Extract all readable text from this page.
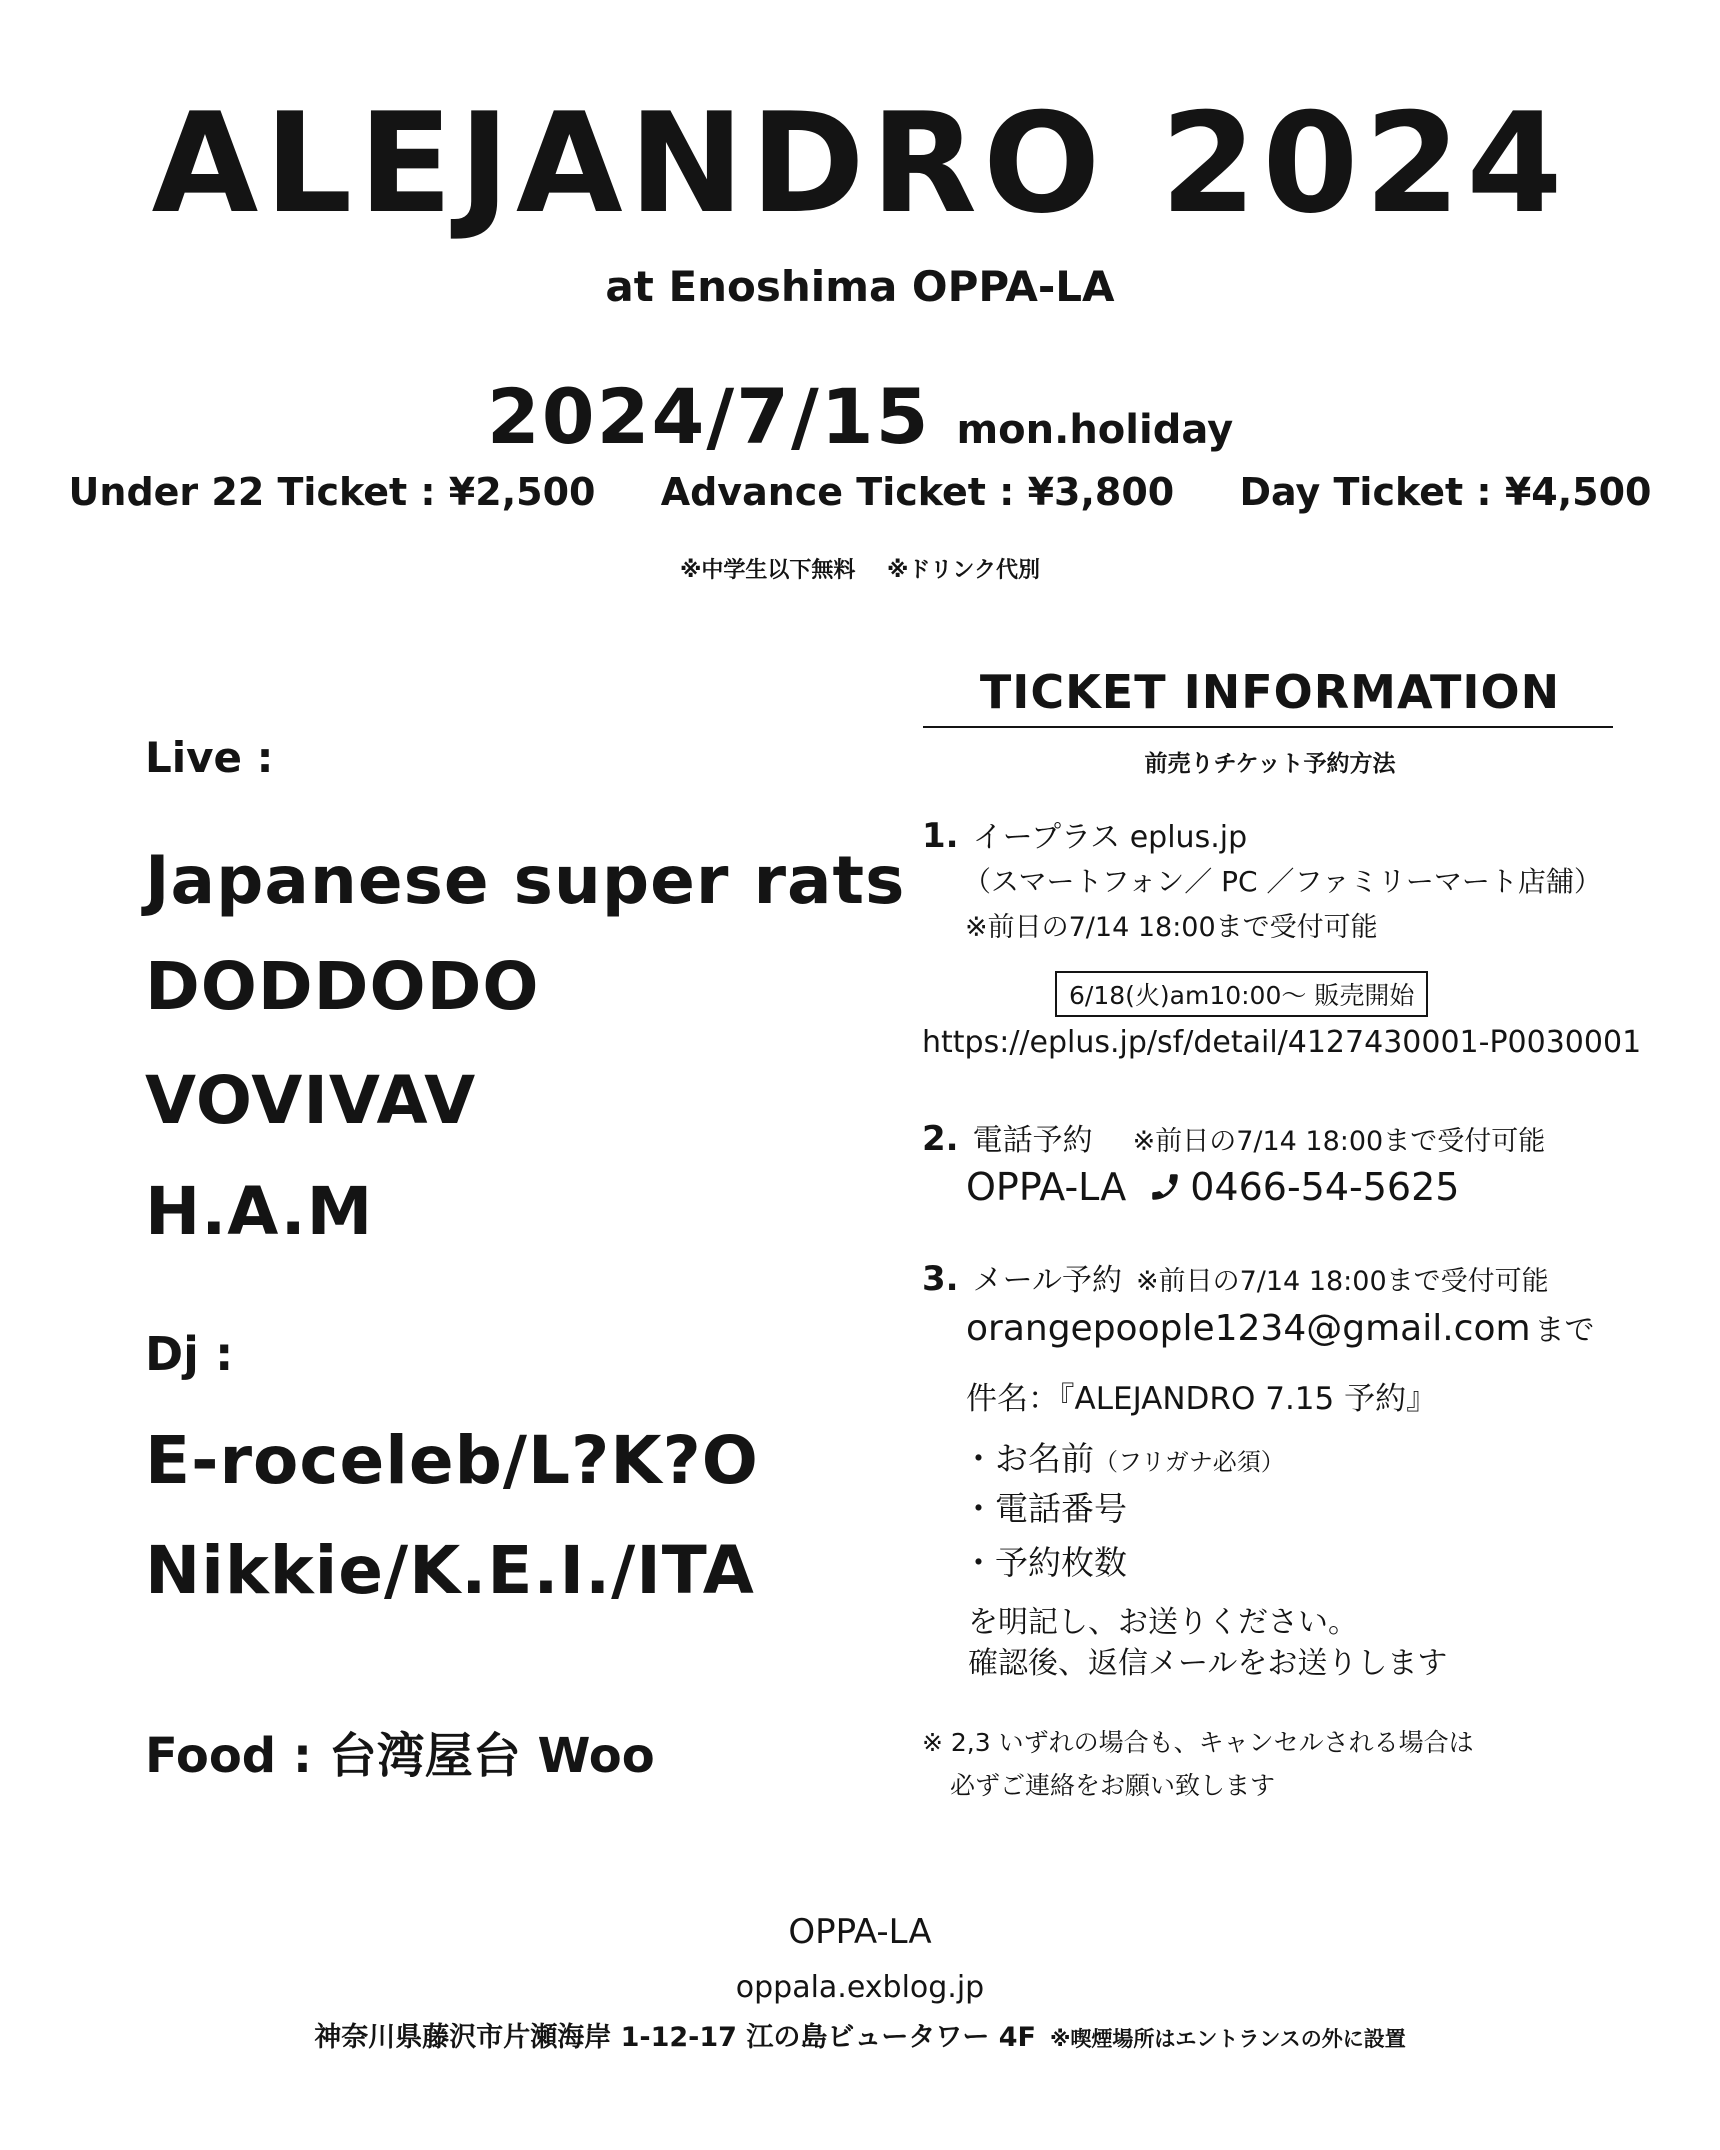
ALEJANDRO 2024
at Enoshima OPPA-LA
2024/7/15 mon.holiday
Under 22 Ticket : ¥2,500 Advance Ticket : ¥3,800 Day Ticket : ¥4,500
※中学生以下無料 ※ドリンク代別
Live :
Japanese super rats
DODDODO
VOVIVAV
H.A.M
Dj :
E-roceleb/L?K?O
Nikkie/K.E.I./ITA
Food : 台湾屋台 Woo
TICKET INFORMATION
前売りチケット予約方法
1. イープラス eplus.jp
（スマートフォン／ PC ／ファミリーマート店舗）
※前日の7/14 18:00まで受付可能
6/18(火)am10:00～ 販売開始
https://eplus.jp/sf/detail/4127430001-P0030001
2. 電話予約 ※前日の7/14 18:00まで受付可能
OPPA-LA 0466-54-5625
3. メール予約 ※前日の7/14 18:00まで受付可能
orangepoople1234@gmail.com まで
件名：『ALEJANDRO 7.15 予約』
・お名前（フリガナ必須）
・電話番号
・予約枚数
を明記し、お送りください。
確認後、返信メールをお送りします
※ 2,3 いずれの場合も、キャンセルされる場合は
必ずご連絡をお願い致します
OPPA-LA
oppala.exblog.jp
神奈川県藤沢市片瀬海岸 1-12-17 江の島ビュータワー 4F ※喫煙場所はエントランスの外に設置
